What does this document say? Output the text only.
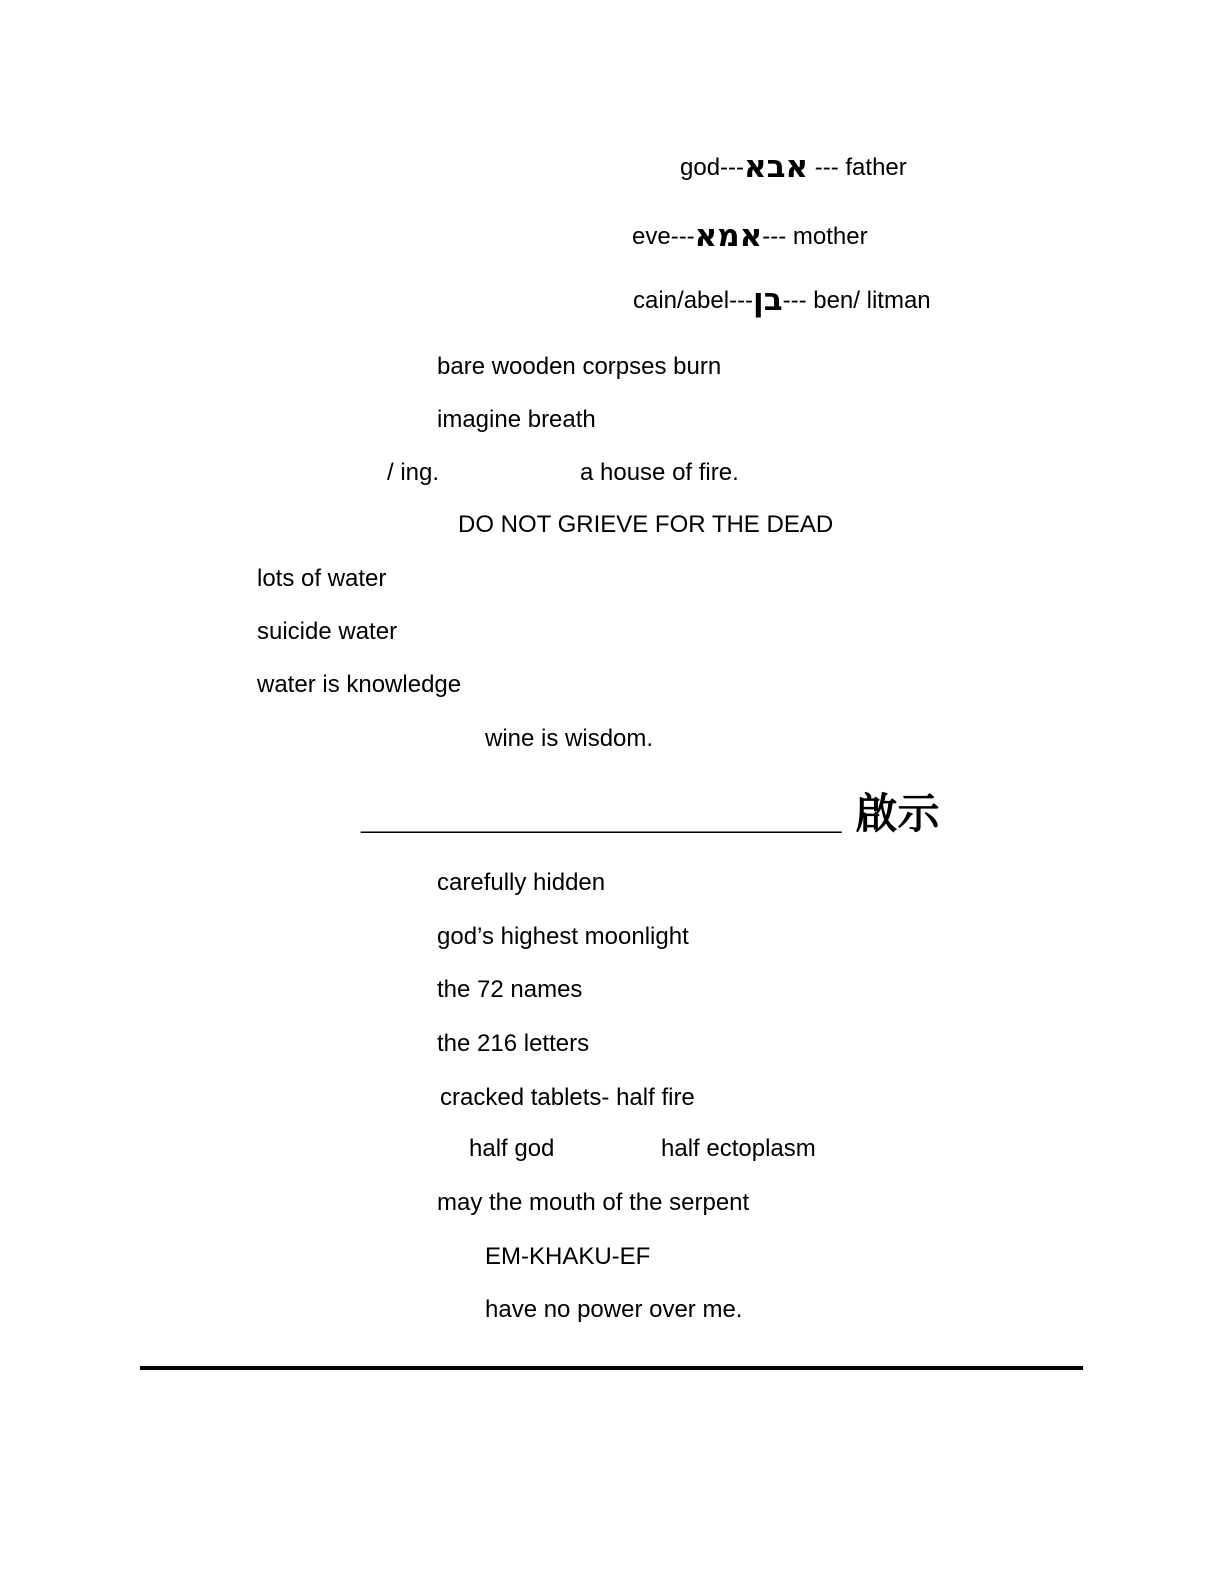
god---אבא --- father
eve---אמא--- mother
cain/abel---בן--- ben/ litman
bare wooden corpses burn
imagine breath
/ ing.	a house of fire.
DO NOT GRIEVE FOR THE DEAD
lots of water
suicide water
water is knowledge
wine is wisdom.
____________________________________ 啟示
carefully hidden
god’s highest moonlight
the 72 names
the 216 letters
cracked tablets- half fire
half god	half ectoplasm
may the mouth of the serpent
EM-KHAKU-EF
have no power over me.
